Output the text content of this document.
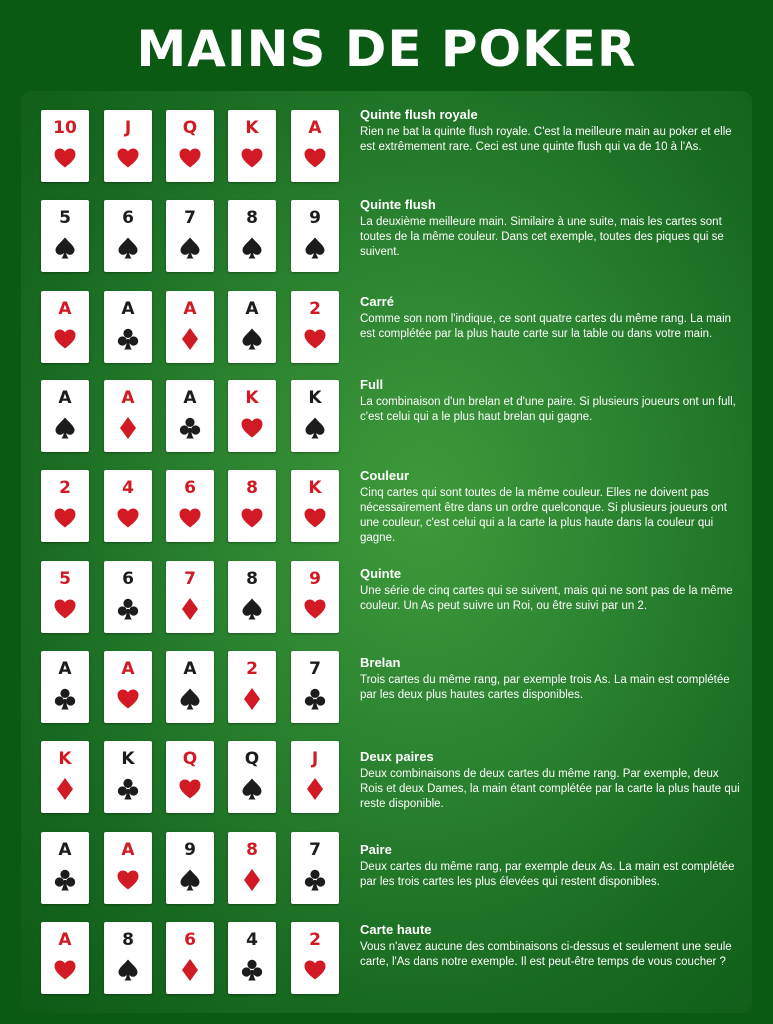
MAINS DE POKER
10	J	Q	K	A
Quinte flush royale
Rien ne bat la quinte flush royale. C'est la meilleure main au poker et elle est extrêmement rare. Ceci est une quinte flush qui va de 10 à l'As.
5	6	7	8	9
Quinte flush
La deuxième meilleure main. Similaire à une suite, mais les cartes sont toutes de la même couleur. Dans cet exemple, toutes des piques qui se suivent.
A	A	A	A	2	Carré
Comme son nom l'indique, ce sont quatre cartes du même rang. La main est complétée par la plus haute carte sur la table ou dans votre main.
A	A	A	K	K
Full
La combinaison d'un brelan et d'une paire. Si plusieurs joueurs ont un full, c'est celui qui a le plus haut brelan qui gagne.
2	4	6	8	K
Couleur
Cinq cartes qui sont toutes de la même couleur. Elles ne doivent pas nécessairement être dans un ordre quelconque. Si plusieurs joueurs ont une couleur, c'est celui qui a la carte la plus haute dans la couleur qui gagne.
5	6	7	8	9	Quinte
Une série de cinq cartes qui se suivent, mais qui ne sont pas de la même couleur. Un As peut suivre un Roi, ou être suivi par un 2.
A	A	A	2	7	Brelan
Trois cartes du même rang, par exemple trois As. La main est complétée par les deux plus hautes cartes disponibles.
K	K	Q	Q	J	Deux paires
Deux combinaisons de deux cartes du même rang. Par exemple, deux Rois et deux Dames, la main étant complétée par la carte la plus haute qui reste disponible.
A	A	9	8	7	Paire
Deux cartes du même rang, par exemple deux As. La main est complétée par les trois cartes les plus élevées qui restent disponibles.
A	8	6	4	2
Carte haute
Vous n'avez aucune des combinaisons ci-dessus et seulement une seule carte, l'As dans notre exemple. Il est peut-être temps de vous coucher ?
